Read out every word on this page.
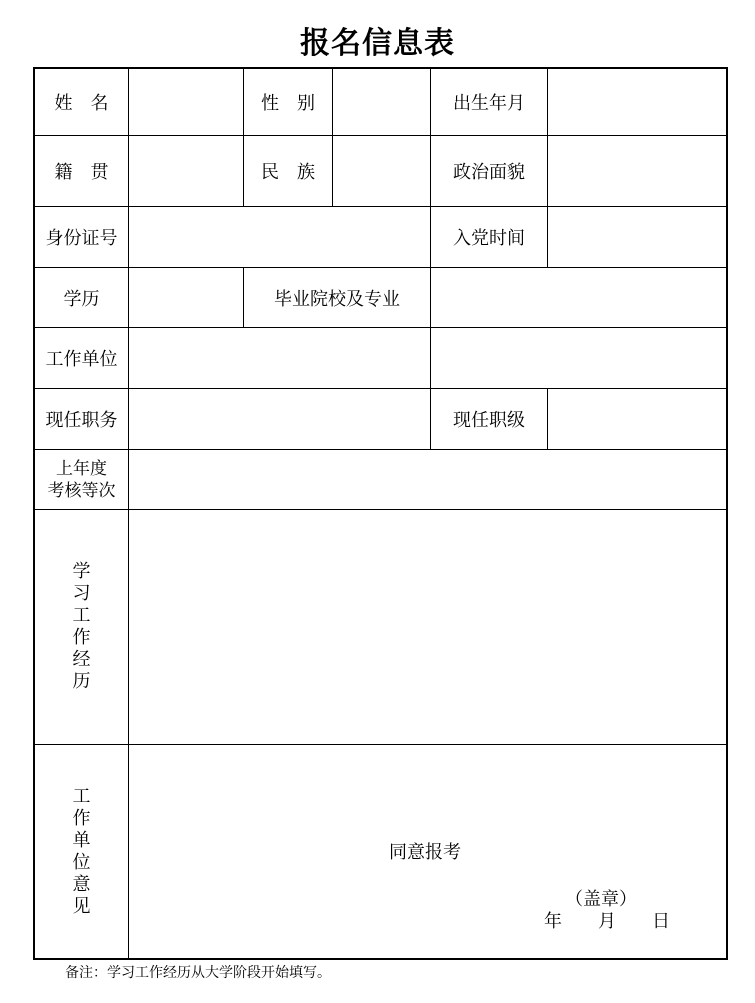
报名信息表
姓　名	性　别	出生年月
籍　贯	民　族	政治面貌
身份证号	入党时间
学历	毕业院校及专业
工作单位
现任职务	现任职级
上年度
考核等次
学
习
工
作
经
历
工
作
单
位
意
见
同意报考
（盖章）
年　　月　　日
备注：学习工作经历从大学阶段开始填写。
